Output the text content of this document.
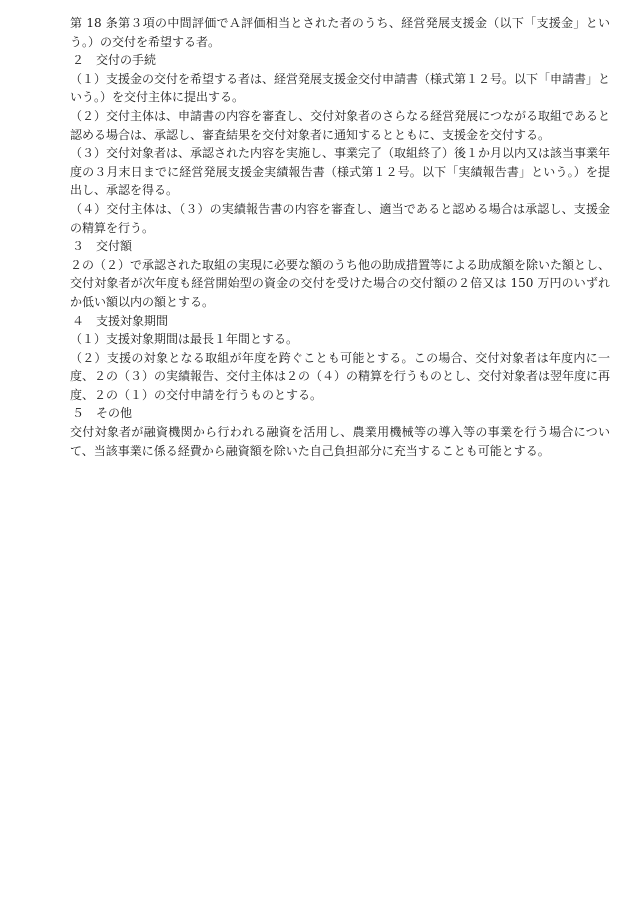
第 18 条第３項の中間評価でＡ評価相当とされた者のうち、経営発展支援金（以下「支援金」という。）の交付を希望する者。

２　交付の手続

（１）支援金の交付を希望する者は、経営発展支援金交付申請書（様式第１２号。以下「申請書」という。）を交付主体に提出する。

（２）交付主体は、申請書の内容を審査し、交付対象者のさらなる経営発展につながる取組であると認める場合は、承認し、審査結果を交付対象者に通知するとともに、支援金を交付する。

（３）交付対象者は、承認された内容を実施し、事業完了（取組終了）後１か月以内又は該当事業年度の３月末日までに経営発展支援金実績報告書（様式第１２号。以下「実績報告書」という。）を提出し、承認を得る。

（４）交付主体は、（３）の実績報告書の内容を審査し、適当であると認める場合は承認し、支援金の精算を行う。

３　交付額

２の（２）で承認された取組の実現に必要な額のうち他の助成措置等による助成額を除いた額とし、交付対象者が次年度も経営開始型の資金の交付を受けた場合の交付額の２倍又は 150 万円のいずれか低い額以内の額とする。

４　支援対象期間

（１）支援対象期間は最長１年間とする。

（２）支援の対象となる取組が年度を跨ぐことも可能とする。この場合、交付対象者は年度内に一度、２の（３）の実績報告、交付主体は２の（４）の精算を行うものとし、交付対象者は翌年度に再度、２の（１）の交付申請を行うものとする。

５　その他

交付対象者が融資機関から行われる融資を活用し、農業用機械等の導入等の事業を行う場合について、当該事業に係る経費から融資額を除いた自己負担部分に充当することも可能とする。
